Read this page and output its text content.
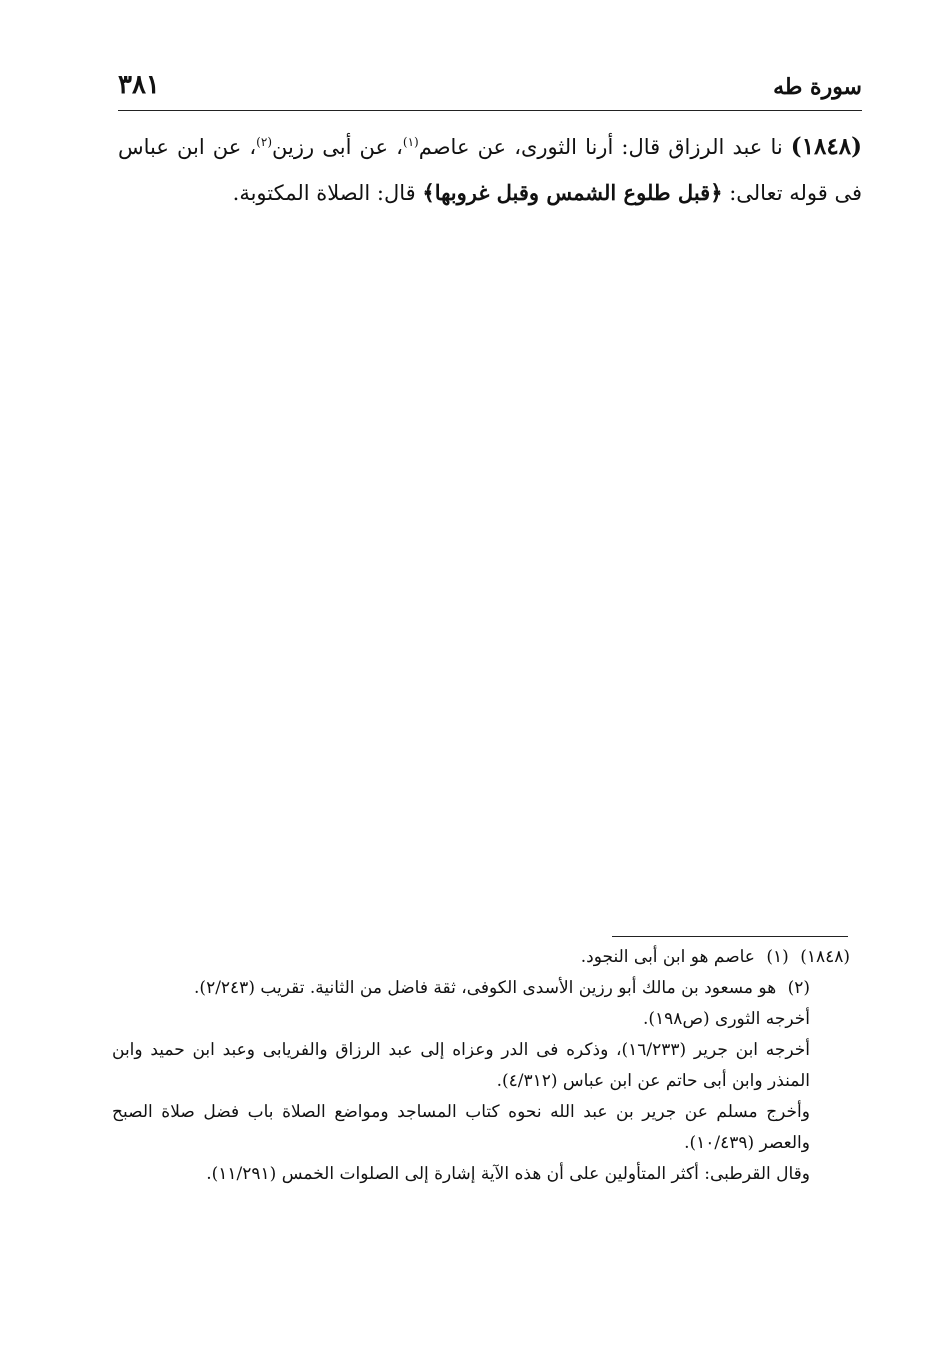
سورة طه
٣٨١
(١٨٤٨) نا عبد الرزاق قال: أرنا الثورى، عن عاصم$^{(١)}$، عن أبى رزين$^{(٢)}$، عن ابن عباس فى قوله تعالى: ﴿قبل طلوع الشمس وقبل غروبها﴾ قال: الصلاة المكتوبة.
(١٨٤٨) (١) عاصم هو ابن أبى النجود.
(٢) هو مسعود بن مالك أبو رزين الأسدى الكوفى، ثقة فاضل من الثانية. تقريب (٢/٢٤٣).
أخرجه الثورى (ص١٩٨).
أخرجه ابن جرير (١٦/٢٣٣)، وذكره فى الدر وعزاه إلى عبد الرزاق والفريابى وعبد ابن حميد وابن المنذر وابن أبى حاتم عن ابن عباس (٤/٣١٢).
وأخرج مسلم عن جرير بن عبد الله نحوه كتاب المساجد ومواضع الصلاة باب فضل صلاة الصبح والعصر (١٠/٤٣٩).
وقال القرطبى: أكثر المتأولين على أن هذه الآية إشارة إلى الصلوات الخمس (١١/٢٩١).
